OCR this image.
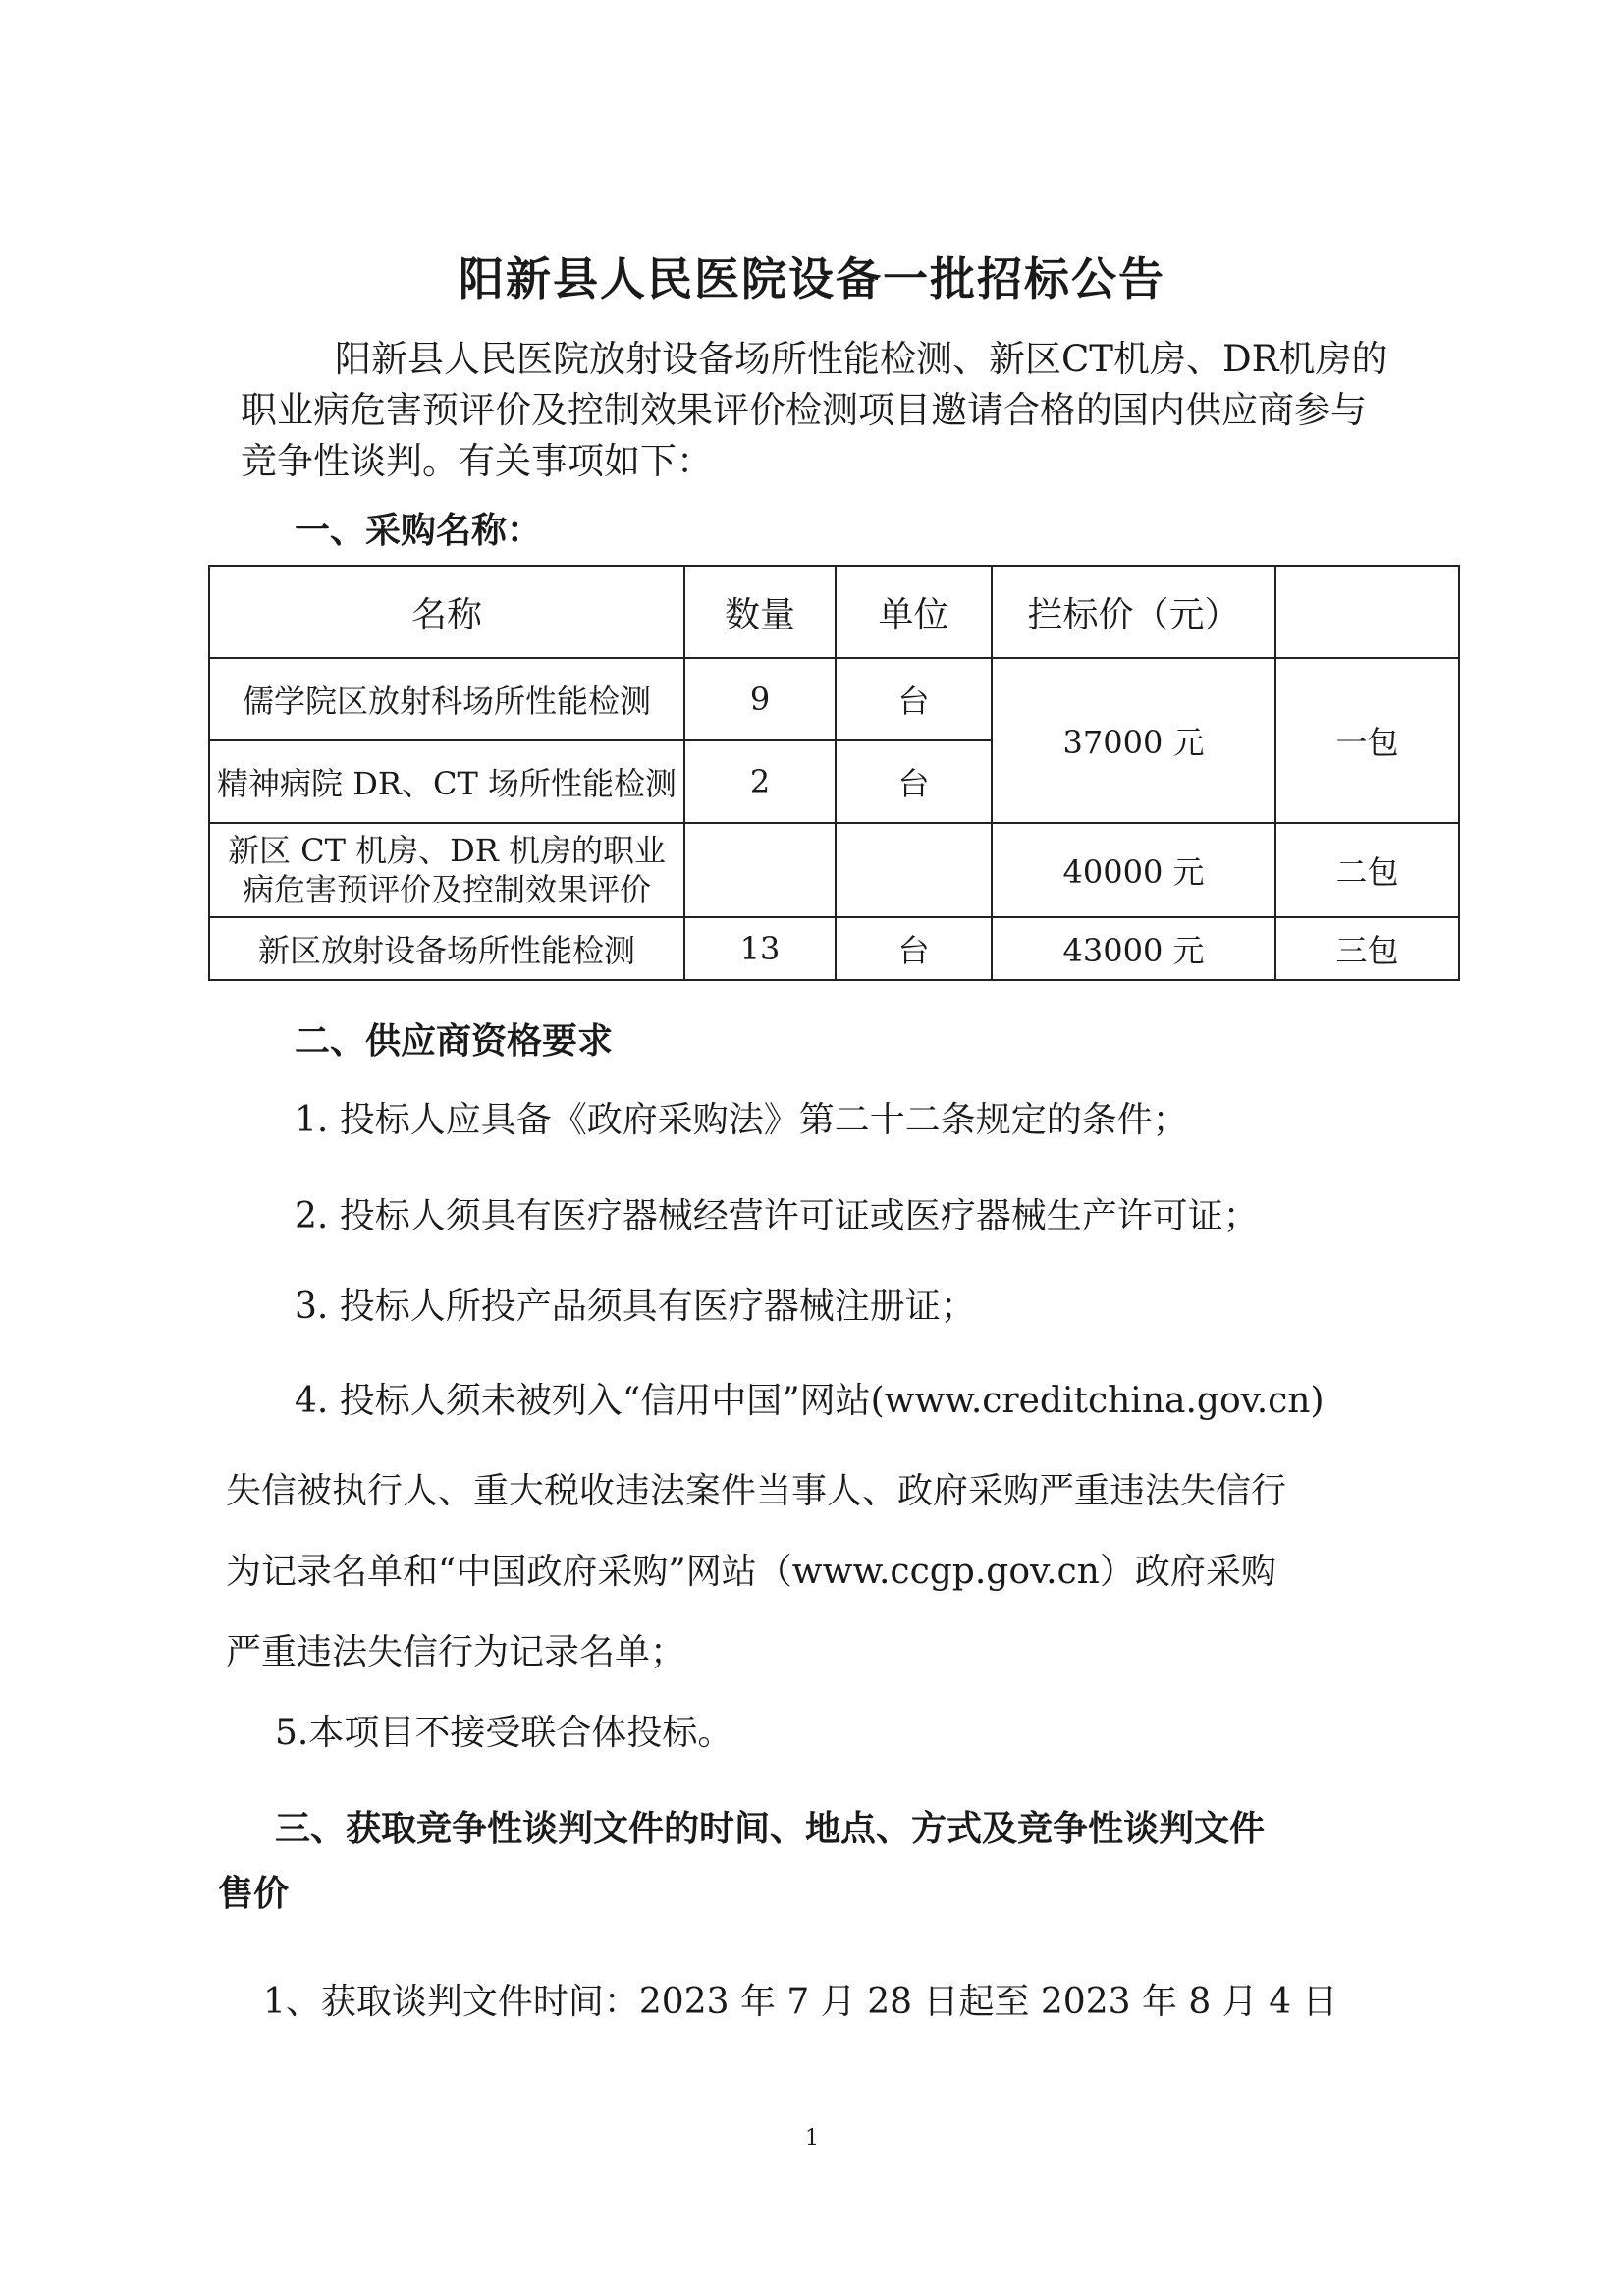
阳新县人民医院设备一批招标公告
阳新县人民医院放射设备场所性能检测、新区CT机房、DR机房的职业病危害预评价及控制效果评价检测项目邀请合格的国内供应商参与竞争性谈判。有关事项如下：
一、采购名称：
名称	数量	单位	拦标价（元）	
儒学院区放射科场所性能检测	9	台	37000 元	一包
精神病院 DR、CT 场所性能检测	2	台		
新区 CT 机房、DR 机房的职业病危害预评价及控制效果评价			40000 元	二包
新区放射设备场所性能检测	13	台	43000 元	三包
二、供应商资格要求
1. 投标人应具备《政府采购法》第二十二条规定的条件；
2. 投标人须具有医疗器械经营许可证或医疗器械生产许可证；
3. 投标人所投产品须具有医疗器械注册证；
4. 投标人须未被列入“信用中国”网站(www.creditchina.gov.cn)
失信被执行人、重大税收违法案件当事人、政府采购严重违法失信行
为记录名单和“中国政府采购”网站（www.ccgp.gov.cn）政府采购
严重违法失信行为记录名单；
5.本项目不接受联合体投标。
三、获取竞争性谈判文件的时间、地点、方式及竞争性谈判文件
售价
1、获取谈判文件时间：2023 年 7 月 28 日起至 2023 年 8 月 4 日
1
